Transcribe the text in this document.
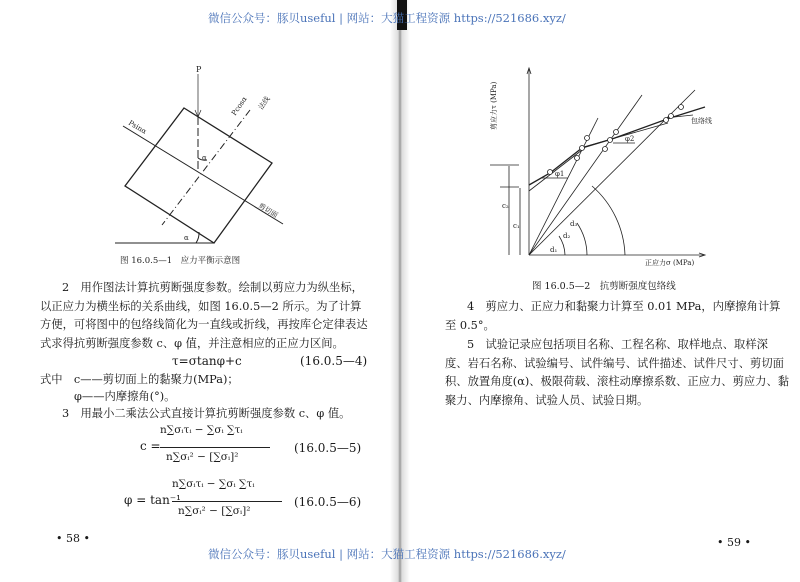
微信公众号：豚贝useful | 网站：大猫工程资源 https://521686.xyz/
微信公众号：豚贝useful | 网站：大猫工程资源 https://521686.xyz/
P
Psinα
Pcosα 法线
剪切面
α
α
图 16.0.5—1　应力平衡示意图
2　用作图法计算抗剪断强度参数。绘制以剪应力为纵坐标，
以正应力为横坐标的关系曲线，如图 16.0.5—2 所示。为了计算
方便，可将图中的包络线简化为一直线或折线，再按库仑定律表达
式求得抗剪断强度参数 c、φ 值，并注意相应的正应力区间。
τ=σtanφ+c	(16.0.5—4)
式中　c——剪切面上的黏聚力(MPa)；
φ——内摩擦角(°)。
3　用最小二乘法公式直接计算抗剪断强度参数 c、φ 值。
c =
n∑σᵢτᵢ − ∑σᵢ ∑τᵢ
n∑σᵢ² − [∑σᵢ]²
(16.0.5—5)
φ = tan⁻¹
n∑σᵢτᵢ − ∑σᵢ ∑τᵢ
n∑σᵢ² − [∑σᵢ]²
(16.0.5—6)
• 58 •
剪应力τ (MPa)
正应力σ (MPa)
包络线
φ1
φ2
c₂
c₁
d₁
d₂
d₃
图 16.0.5—2　抗剪断强度包络线
4　剪应力、正应力和黏聚力计算至 0.01 MPa，内摩擦角计算
至 0.5°。
5　试验记录应包括项目名称、工程名称、取样地点、取样深
度、岩石名称、试验编号、试件编号、试件描述、试件尺寸、剪切面
积、放置角度(α)、极限荷载、滚柱动摩擦系数、正应力、剪应力、黏
聚力、内摩擦角、试验人员、试验日期。
• 59 •
